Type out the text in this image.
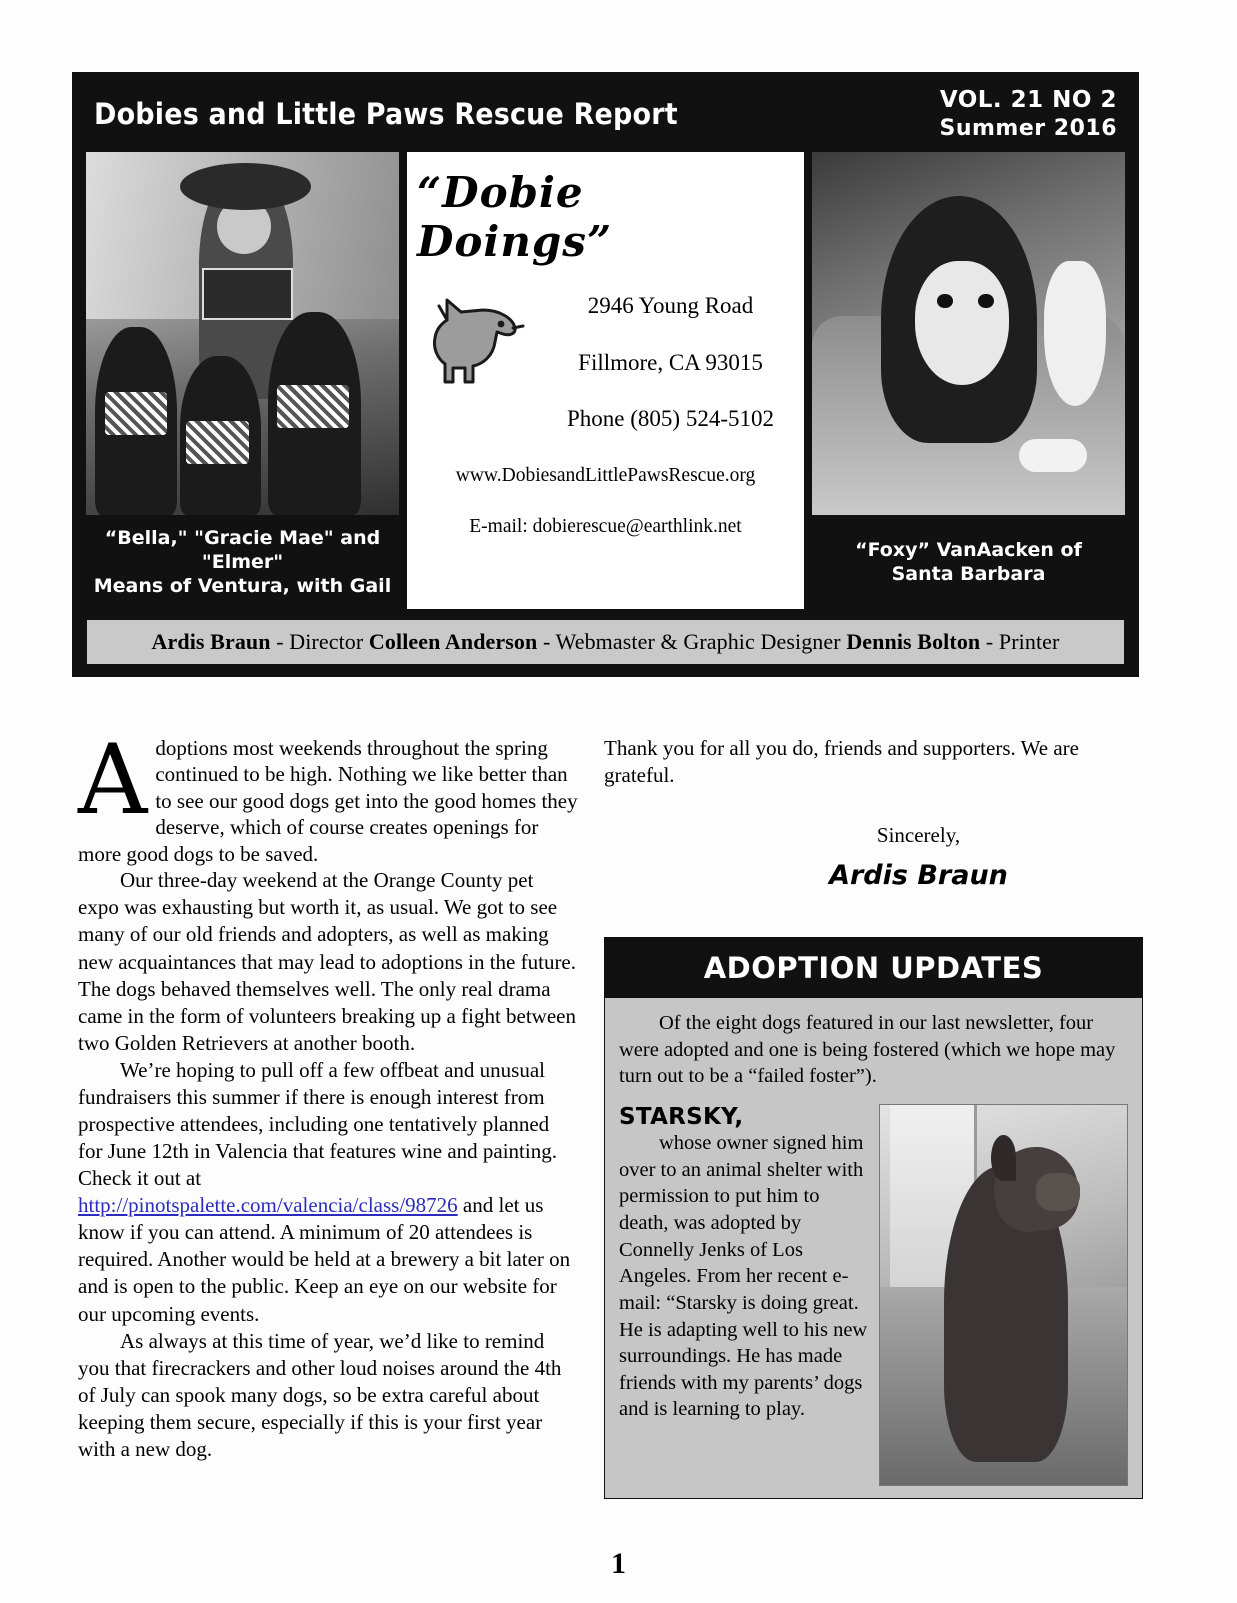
Dobies and Little Paws Rescue Report	VOL. 21 NO 2
Summer 2016
“Bella," "Gracie Mae" and "Elmer"
Means of Ventura, with Gail
“Dobie Doings”
2946 Young Road
Fillmore, CA 93015
Phone (805) 524-5102
www.DobiesandLittlePawsRescue.org
E-mail: dobierescue@earthlink.net
“Foxy” VanAacken of
Santa Barbara
Ardis Braun - Director Colleen Anderson - Webmaster & Graphic Designer Dennis Bolton - Printer
Adoptions most weekends throughout the spring continued to be high. Nothing we like better than to see our good dogs get into the good homes they deserve, which of course creates openings for more good dogs to be saved.

Our three-day weekend at the Orange County pet expo was exhausting but worth it, as usual. We got to see many of our old friends and adopters, as well as making new acquaintances that may lead to adoptions in the future. The dogs behaved themselves well. The only real drama came in the form of volunteers breaking up a fight between two Golden Retrievers at another booth.

We’re hoping to pull off a few offbeat and unusual fundraisers this summer if there is enough interest from prospective attendees, including one tentatively planned for June 12th in Valencia that features wine and painting. Check it out at http://pinotspalette.com/valencia/class/98726 and let us know if you can attend. A minimum of 20 attendees is required. Another would be held at a brewery a bit later on and is open to the public. Keep an eye on our website for our upcoming events.

As always at this time of year, we’d like to remind you that firecrackers and other loud noises around the 4th of July can spook many dogs, so be extra careful about keeping them secure, especially if this is your first year with a new dog.

Thank you for all you do, friends and supporters. We are grateful.

Sincerely,
Ardis Braun
ADOPTION UPDATES

Of the eight dogs featured in our last newsletter, four were adopted and one is being fostered (which we hope may turn out to be a “failed foster”).

STARSKY,

whose owner signed him over to an animal shelter with permission to put him to death, was adopted by Connelly Jenks of Los Angeles. From her recent e-mail: “Starsky is doing great. He is adapting well to his new surroundings. He has made friends with my parents’ dogs and is learning to play.

1
